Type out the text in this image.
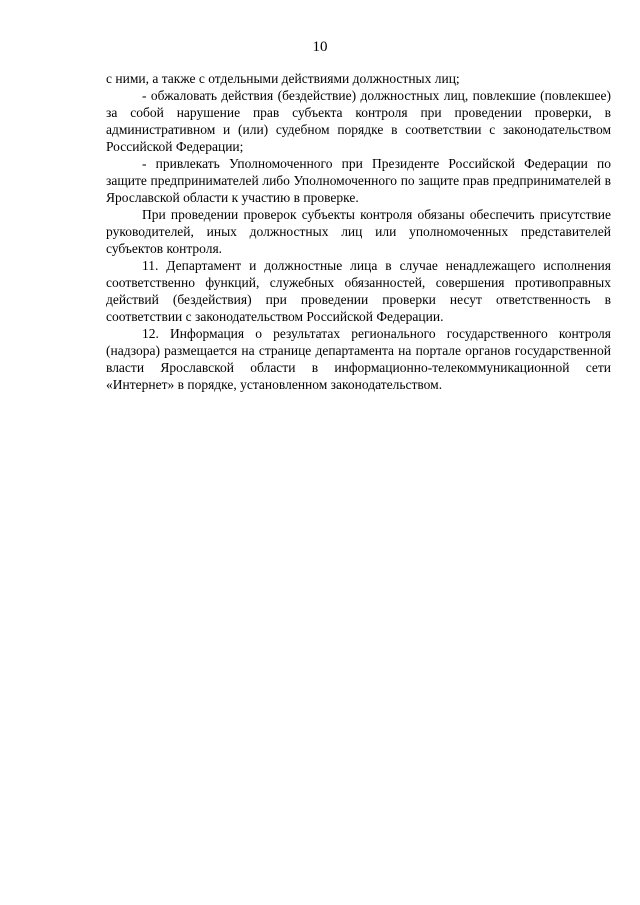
10

с ними, а также с отдельными действиями должностных лиц;

- обжаловать действия (бездействие) должностных лиц, повлекшие (повлекшее) за собой нарушение прав субъекта контроля при проведении проверки, в административном и (или) судебном порядке в соответствии с законодательством Российской Федерации;

- привлекать Уполномоченного при Президенте Российской Федерации по защите предпринимателей либо Уполномоченного по защите прав предпринимателей в Ярославской области к участию в проверке.

При проведении проверок субъекты контроля обязаны обеспечить присутствие руководителей, иных должностных лиц или уполномоченных представителей субъектов контроля.

11. Департамент и должностные лица в случае ненадлежащего исполнения соответственно функций, служебных обязанностей, совершения противоправных действий (бездействия) при проведении проверки несут ответственность в соответствии с законодательством Российской Федерации.

12. Информация о результатах регионального государственного контроля (надзора) размещается на странице департамента на портале органов государственной власти Ярославской области в информационно-телекоммуникационной сети «Интернет» в порядке, установленном законодательством.
